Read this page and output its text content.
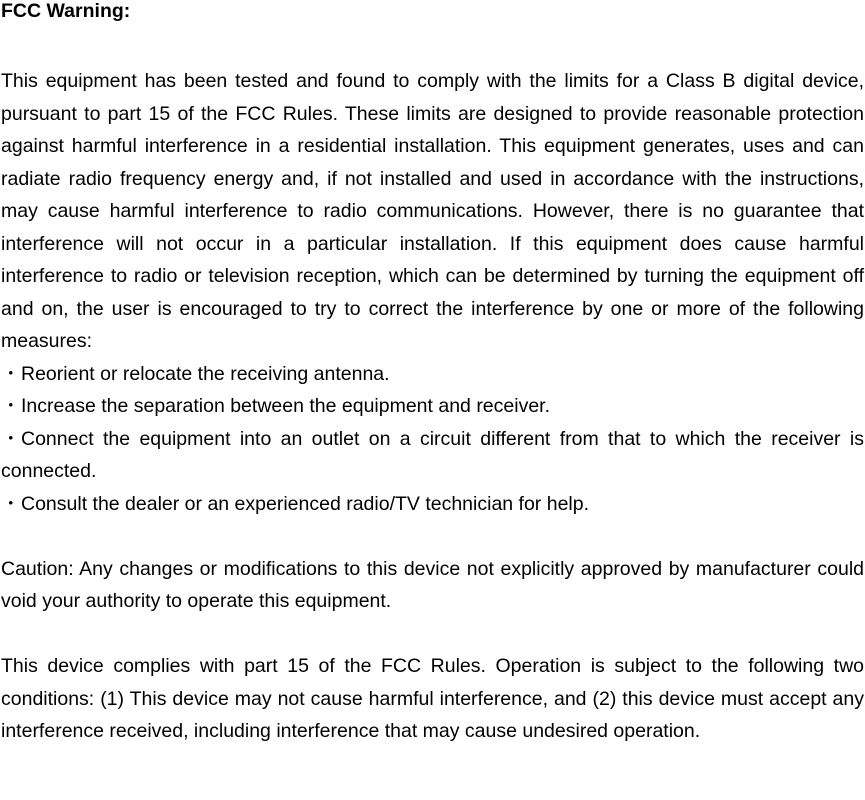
FCC Warning:

This equipment has been tested and found to comply with the limits for a Class B digital device, pursuant to part 15 of the FCC Rules. These limits are designed to provide reasonable protection against harmful interference in a residential installation. This equipment generates, uses and can radiate radio frequency energy and, if not installed and used in accordance with the instructions, may cause harmful interference to radio communications. However, there is no guarantee that interference will not occur in a particular installation. If this equipment does cause harmful interference to radio or television reception, which can be determined by turning the equipment off and on, the user is encouraged to try to correct the interference by one or more of the following measures:

・Reorient or relocate the receiving antenna.

・Increase the separation between the equipment and receiver.

・Connect the equipment into an outlet on a circuit different from that to which the receiver is connected.

・Consult the dealer or an experienced radio/TV technician for help.

Caution: Any changes or modifications to this device not explicitly approved by manufacturer could void your authority to operate this equipment.

This device complies with part 15 of the FCC Rules. Operation is subject to the following two conditions: (1) This device may not cause harmful interference, and (2) this device must accept any interference received, including interference that may cause undesired operation.
